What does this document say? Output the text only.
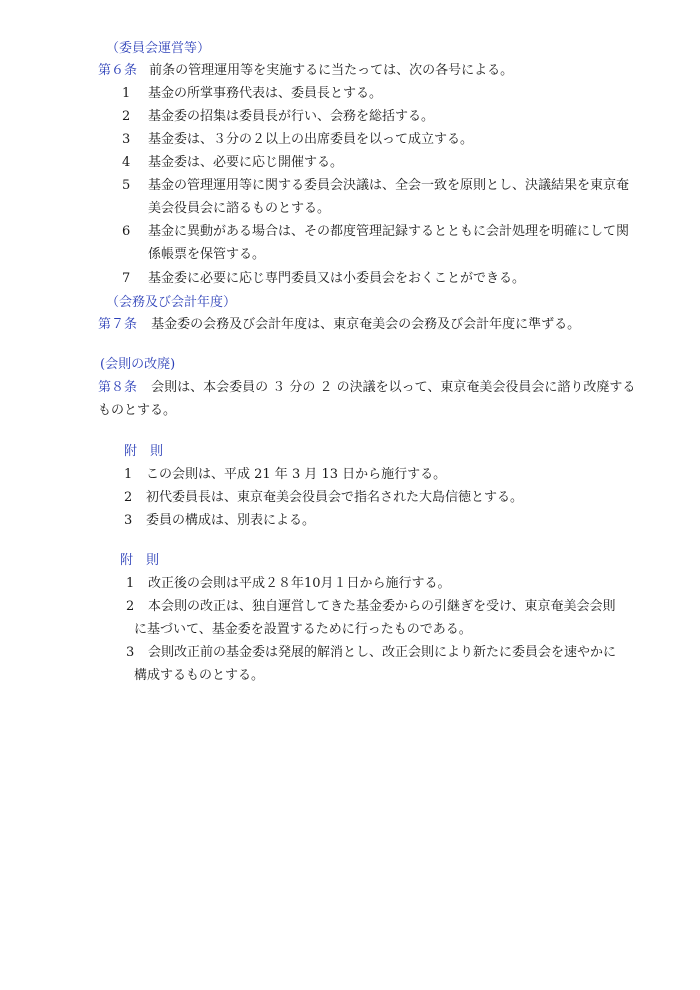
（委員会運営等）
第６条 前条の管理運用等を実施するに当たっては、次の各号による。
1 基金の所掌事務代表は、委員長とする。
2 基金委の招集は委員長が行い、会務を総括する。
3 基金委は、３分の２以上の出席委員を以って成立する。
4 基金委は、必要に応じ開催する。
5 基金の管理運用等に関する委員会決議は、全会一致を原則とし、決議結果を東京奄
美会役員会に諮るものとする。
6 基金に異動がある場合は、その都度管理記録するとともに会計処理を明確にして関
係帳票を保管する。
7 基金委に必要に応じ専門委員又は小委員会をおくことができる。
（会務及び会計年度）
第７条 基金委の会務及び会計年度は、東京奄美会の会務及び会計年度に準ずる。
(会則の改廃)
第８条 会則は、本会委員の ３ 分の ２ の決議を以って、東京奄美会役員会に諮り改廃する
ものとする。
附　則
1 この会則は、平成 21 年 3 月 13 日から施行する。
2 初代委員長は、東京奄美会役員会で指名された大島信徳とする。
3 委員の構成は、別表による。
附　則
1 改正後の会則は平成２８年10月１日から施行する。
2 本会則の改正は、独自運営してきた基金委からの引継ぎを受け、東京奄美会会則
に基づいて、基金委を設置するために行ったものである。
3 会則改正前の基金委は発展的解消とし、改正会則により新たに委員会を速やかに
構成するものとする。
